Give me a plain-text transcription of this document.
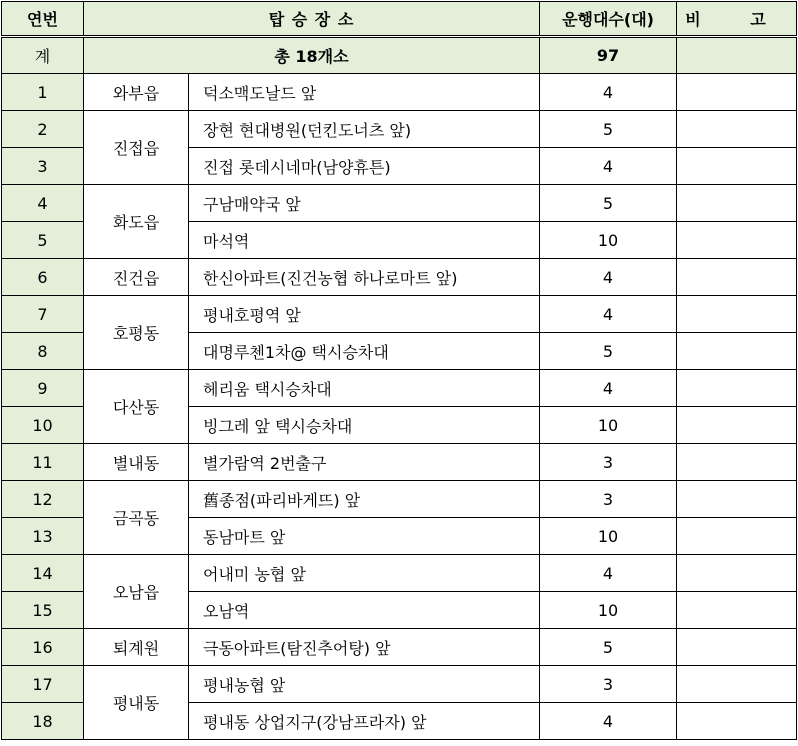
연번	탑 승 장 소		운행대수(대)	비 고
계	총 18개소		97	
1	와부읍	덕소맥도날드 앞	4	
2	진접읍	장현 현대병원(던킨도너츠 앞)	5	
3		진접 롯데시네마(남양휴튼)	4	
4	화도읍	구남매약국 앞	5	
5		마석역	10	
6	진건읍	한신아파트(진건농협 하나로마트 앞)	4	
7	호평동	평내호평역 앞	4	
8		대명루첸1차@ 택시승차대	5	
9	다산동	헤리움 택시승차대	4	
10		빙그레 앞 택시승차대	10	
11	별내동	별가람역 2번출구	3	
12	금곡동	舊종점(파리바게뜨) 앞	3	
13		동남마트 앞	10	
14	오남읍	어내미 농협 앞	4	
15		오남역	10	
16	퇴계원	극동아파트(탐진추어탕) 앞	5	
17	평내동	평내농협 앞	3	
18		평내동 상업지구(강남프라자) 앞	4	
